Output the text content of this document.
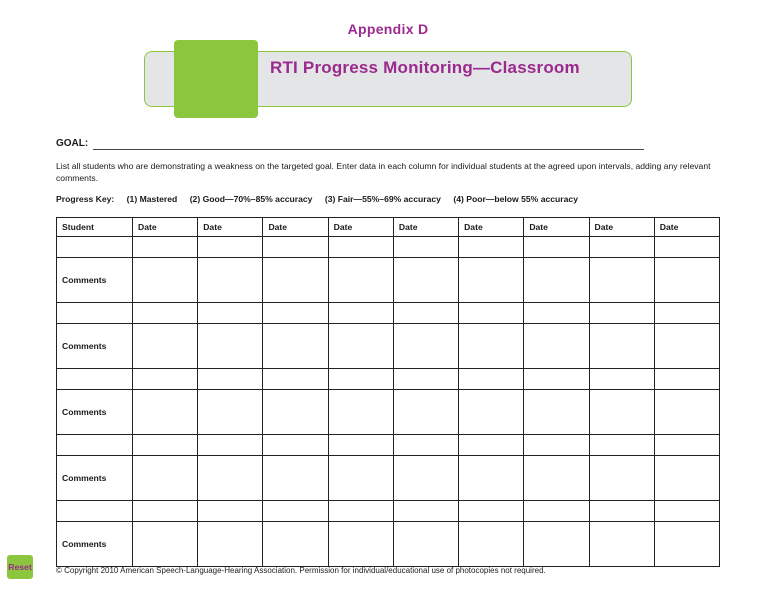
Appendix D
RTI Progress Monitoring—Classroom
GOAL:
List all students who are demonstrating a weakness on the targeted goal. Enter data in each column for individual students at the agreed upon intervals, adding any relevant comments.
Progress Key: (1) Mastered (2) Good—70%–85% accuracy (3) Fair—55%–69% accuracy (4) Poor—below 55% accuracy
Student	Date	Date	Date	Date	Date	Date	Date	Date	Date

Comments									

Comments									

Comments									

Comments									

Comments									
© Copyright 2010 American Speech-Language-Hearing Association. Permission for individual/educational use of photocopies not required.
Reset
